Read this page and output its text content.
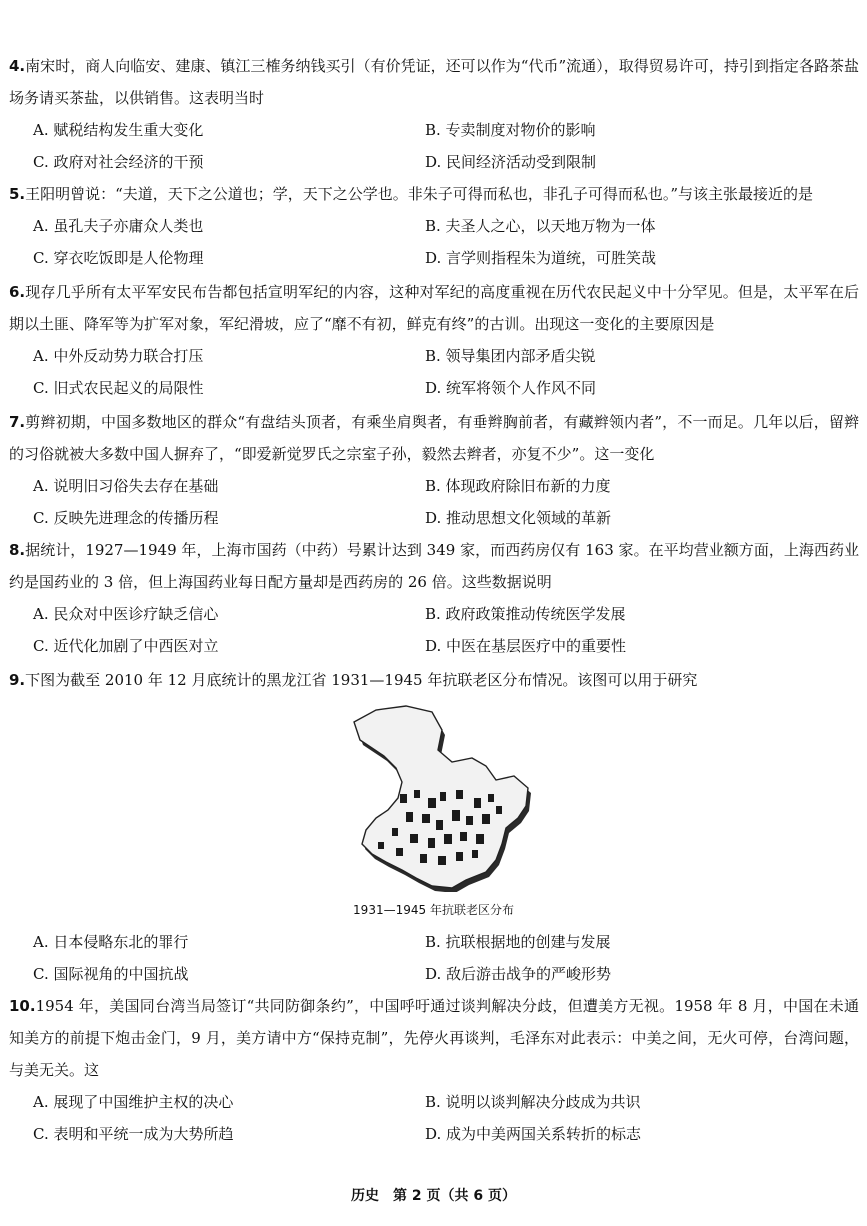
4.南宋时，商人向临安、建康、镇江三榷务纳钱买引（有价凭证，还可以作为“代币”流通），取得贸易许可，持引到指定各路茶盐场务请买茶盐，以供销售。这表明当时
A. 赋税结构发生重大变化	B. 专卖制度对物价的影响
C. 政府对社会经济的干预	D. 民间经济活动受到限制
5.王阳明曾说：“夫道，天下之公道也；学，天下之公学也。非朱子可得而私也，非孔子可得而私也。”与该主张最接近的是
A. 虽孔夫子亦庸众人类也	B. 夫圣人之心，以天地万物为一体
C. 穿衣吃饭即是人伦物理	D. 言学则指程朱为道统，可胜笑哉
6.现存几乎所有太平军安民布告都包括宣明军纪的内容，这种对军纪的高度重视在历代农民起义中十分罕见。但是，太平军在后期以土匪、降军等为扩军对象，军纪滑坡，应了“靡不有初，鲜克有终”的古训。出现这一变化的主要原因是
A. 中外反动势力联合打压	B. 领导集团内部矛盾尖锐
C. 旧式农民起义的局限性	D. 统军将领个人作风不同
7.剪辫初期，中国多数地区的群众“有盘结头顶者，有乘坐肩舆者，有垂辫胸前者，有藏辫领内者”，不一而足。几年以后，留辫的习俗就被大多数中国人摒弃了，“即爱新觉罗氏之宗室子孙，毅然去辫者，亦复不少”。这一变化
A. 说明旧习俗失去存在基础	B. 体现政府除旧布新的力度
C. 反映先进理念的传播历程	D. 推动思想文化领域的革新
8.据统计，1927—1949 年，上海市国药（中药）号累计达到 349 家，而西药房仅有 163 家。在平均营业额方面，上海西药业约是国药业的 3 倍，但上海国药业每日配方量却是西药房的 26 倍。这些数据说明
A. 民众对中医诊疗缺乏信心	B. 政府政策推动传统医学发展
C. 近代化加剧了中西医对立	D. 中医在基层医疗中的重要性
9.下图为截至 2010 年 12 月底统计的黑龙江省 1931—1945 年抗联老区分布情况。该图可以用于研究
1931—1945 年抗联老区分布
A. 日本侵略东北的罪行	B. 抗联根据地的创建与发展
C. 国际视角的中国抗战	D. 敌后游击战争的严峻形势
10.1954 年，美国同台湾当局签订“共同防御条约”，中国呼吁通过谈判解决分歧，但遭美方无视。1958 年 8 月，中国在未通知美方的前提下炮击金门，9 月，美方请中方“保持克制”，先停火再谈判，毛泽东对此表示：中美之间，无火可停，台湾问题，与美无关。这
A. 展现了中国维护主权的决心	B. 说明以谈判解决分歧成为共识
C. 表明和平统一成为大势所趋	D. 成为中美两国关系转折的标志
历史　第 2 页（共 6 页）
